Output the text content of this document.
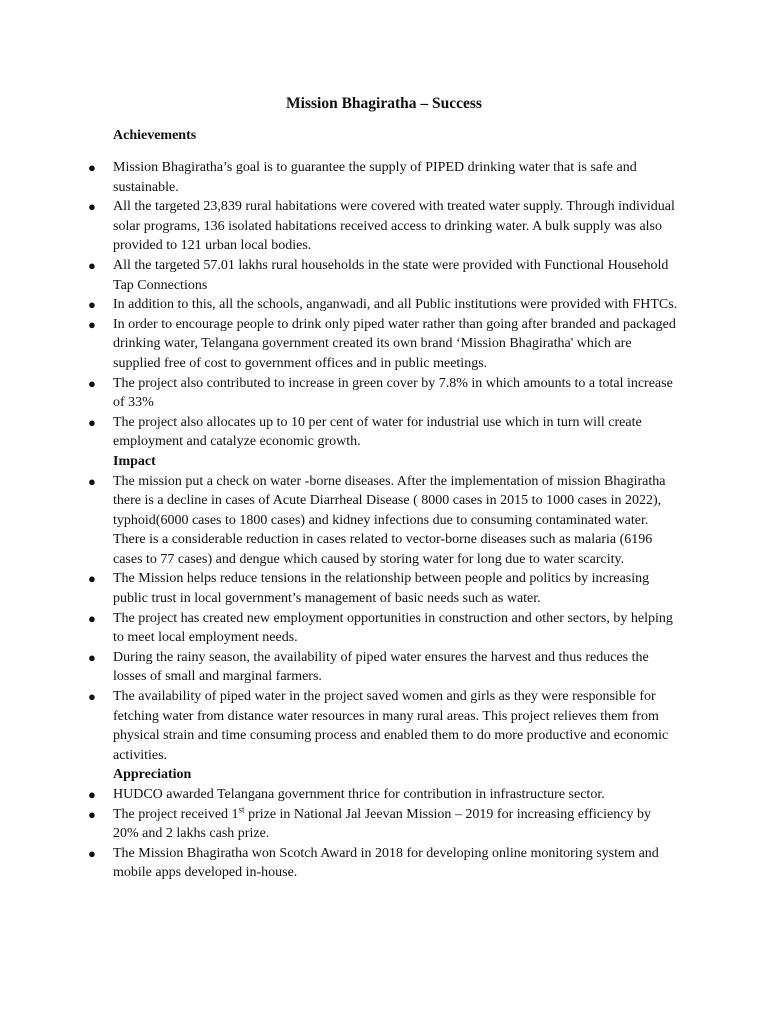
Mission Bhagiratha – Success
Achievements
● Mission Bhagiratha’s goal is to guarantee the supply of PIPED drinking water that is safe and sustainable.
● All the targeted 23,839 rural habitations were covered with treated water supply. Through individual solar programs, 136 isolated habitations received access to drinking water. A bulk supply was also provided to 121 urban local bodies.
● All the targeted 57.01 lakhs rural households in the state were provided with Functional Household Tap Connections
● In addition to this, all the schools, anganwadi, and all Public institutions were provided with FHTCs.
● In order to encourage people to drink only piped water rather than going after branded and packaged drinking water, Telangana government created its own brand ‘Mission Bhagiratha' which are supplied free of cost to government offices and in public meetings.
● The project also contributed to increase in green cover by 7.8% in which amounts to a total increase of 33%
● The project also allocates up to 10 per cent of water for industrial use which in turn will create employment and catalyze economic growth.
Impact
● The mission put a check on water -borne diseases. After the implementation of mission Bhagiratha there is a decline in cases of Acute Diarrheal Disease ( 8000 cases in 2015 to 1000 cases in 2022), typhoid(6000 cases to 1800 cases) and kidney infections due to consuming contaminated water. There is a considerable reduction in cases related to vector-borne diseases such as malaria (6196 cases to 77 cases) and dengue which caused by storing water for long due to water scarcity.
● The Mission helps reduce tensions in the relationship between people and politics by increasing public trust in local government’s management of basic needs such as water.
● The project has created new employment opportunities in construction and other sectors, by helping to meet local employment needs.
● During the rainy season, the availability of piped water ensures the harvest and thus reduces the losses of small and marginal farmers.
● The availability of piped water in the project saved women and girls as they were responsible for fetching water from distance water resources in many rural areas. This project relieves them from physical strain and time consuming process and enabled them to do more productive and economic activities.
Appreciation
● HUDCO awarded Telangana government thrice for contribution in infrastructure sector.
● The project received 1st prize in National Jal Jeevan Mission – 2019 for increasing efficiency by 20% and 2 lakhs cash prize.
● The Mission Bhagiratha won Scotch Award in 2018 for developing online monitoring system and mobile apps developed in-house.
